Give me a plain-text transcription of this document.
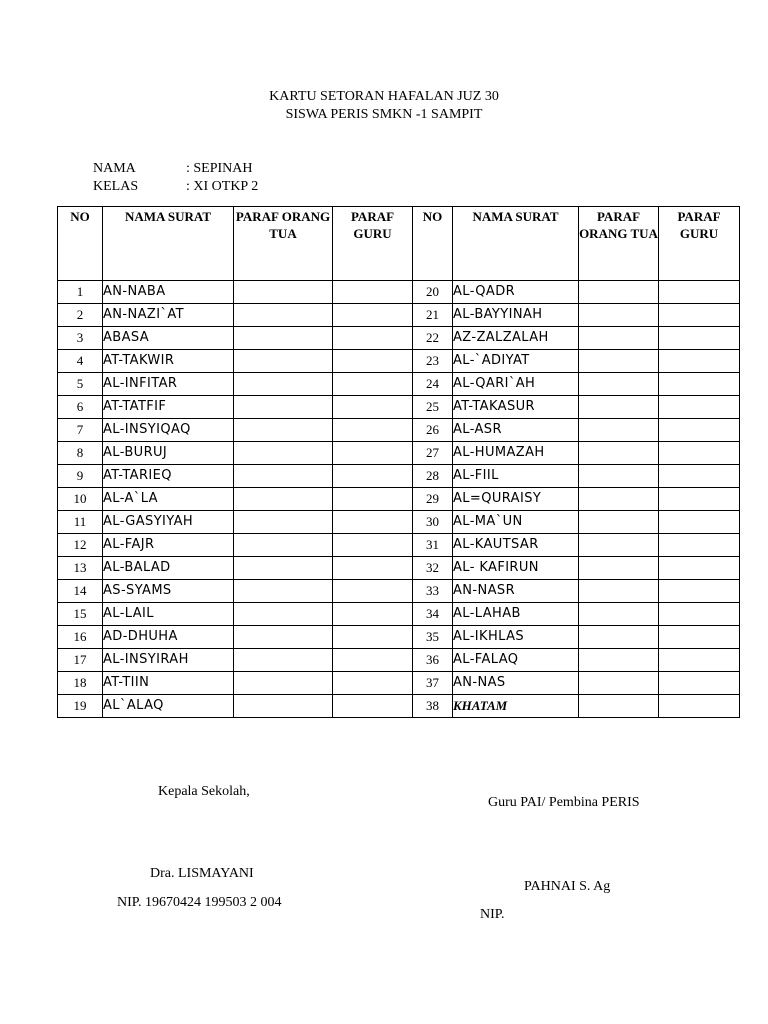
KARTU SETORAN HAFALAN JUZ 30
SISWA PERIS SMKN -1 SAMPIT
NAMA	: SEPINAH
KELAS	: XI OTKP 2
NO	NAMA SURAT	PARAF ORANG TUA	PARAF GURU	NO	NAMA SURAT	PARAF ORANG TUA	PARAF GURU
1	AN-NABA			20	AL-QADR		
2	AN-NAZI`AT			21	AL-BAYYINAH		
3	ABASA			22	AZ-ZALZALAH		
4	AT-TAKWIR			23	AL-`ADIYAT		
5	AL-INFITAR			24	AL-QARI`AH		
6	AT-TATFIF			25	AT-TAKASUR		
7	AL-INSYIQAQ			26	AL-ASR		
8	AL-BURUJ			27	AL-HUMAZAH		
9	AT-TARIEQ			28	AL-FIIL		
10	AL-A`LA			29	AL=QURAISY		
11	AL-GASYIYAH			30	AL-MA`UN		
12	AL-FAJR			31	AL-KAUTSAR		
13	AL-BALAD			32	AL- KAFIRUN		
14	AS-SYAMS			33	AN-NASR		
15	AL-LAIL			34	AL-LAHAB		
16	AD-DHUHA			35	AL-IKHLAS		
17	AL-INSYIRAH			36	AL-FALAQ		
18	AT-TIIN			37	AN-NAS		
19	AL`ALAQ			38	KHATAM		
Kepala Sekolah,
Guru PAI/ Pembina PERIS
Dra. LISMAYANI
PAHNAI S. Ag
NIP. 19670424 199503 2 004
NIP.
